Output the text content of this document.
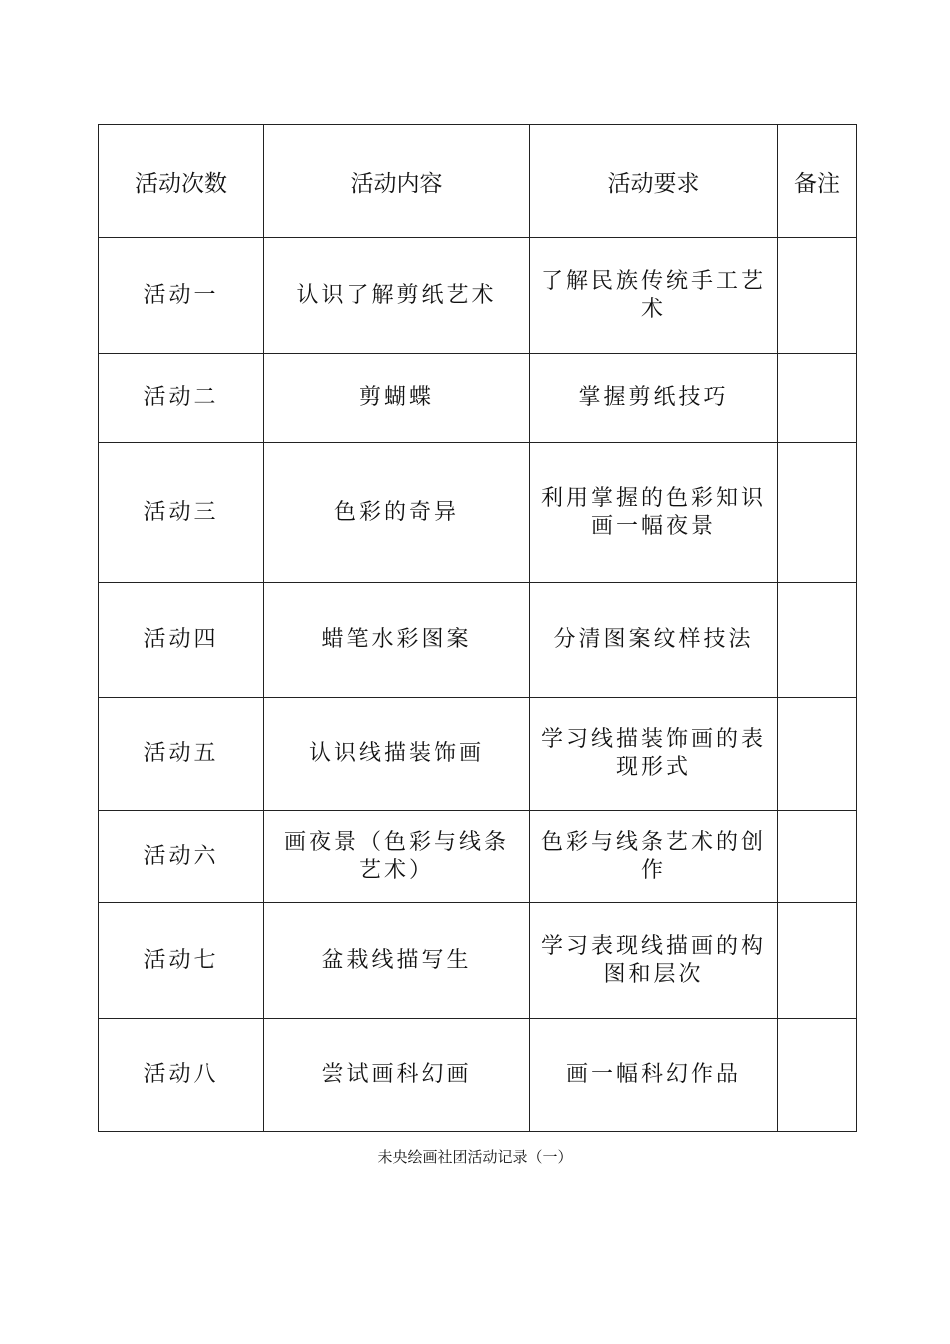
活动次数	活动内容	活动要求	备注
活动一	认识了解剪纸艺术	了解民族传统手工艺术	
活动二	剪蝴蝶	掌握剪纸技巧	
活动三	色彩的奇异	利用掌握的色彩知识画一幅夜景	
活动四	蜡笔水彩图案	分清图案纹样技法	
活动五	认识线描装饰画	学习线描装饰画的表现形式	
活动六	画夜景（色彩与线条艺术）	色彩与线条艺术的创作	
活动七	盆栽线描写生	学习表现线描画的构图和层次	
活动八	尝试画科幻画	画一幅科幻作品	
未央绘画社团活动记录（一）
